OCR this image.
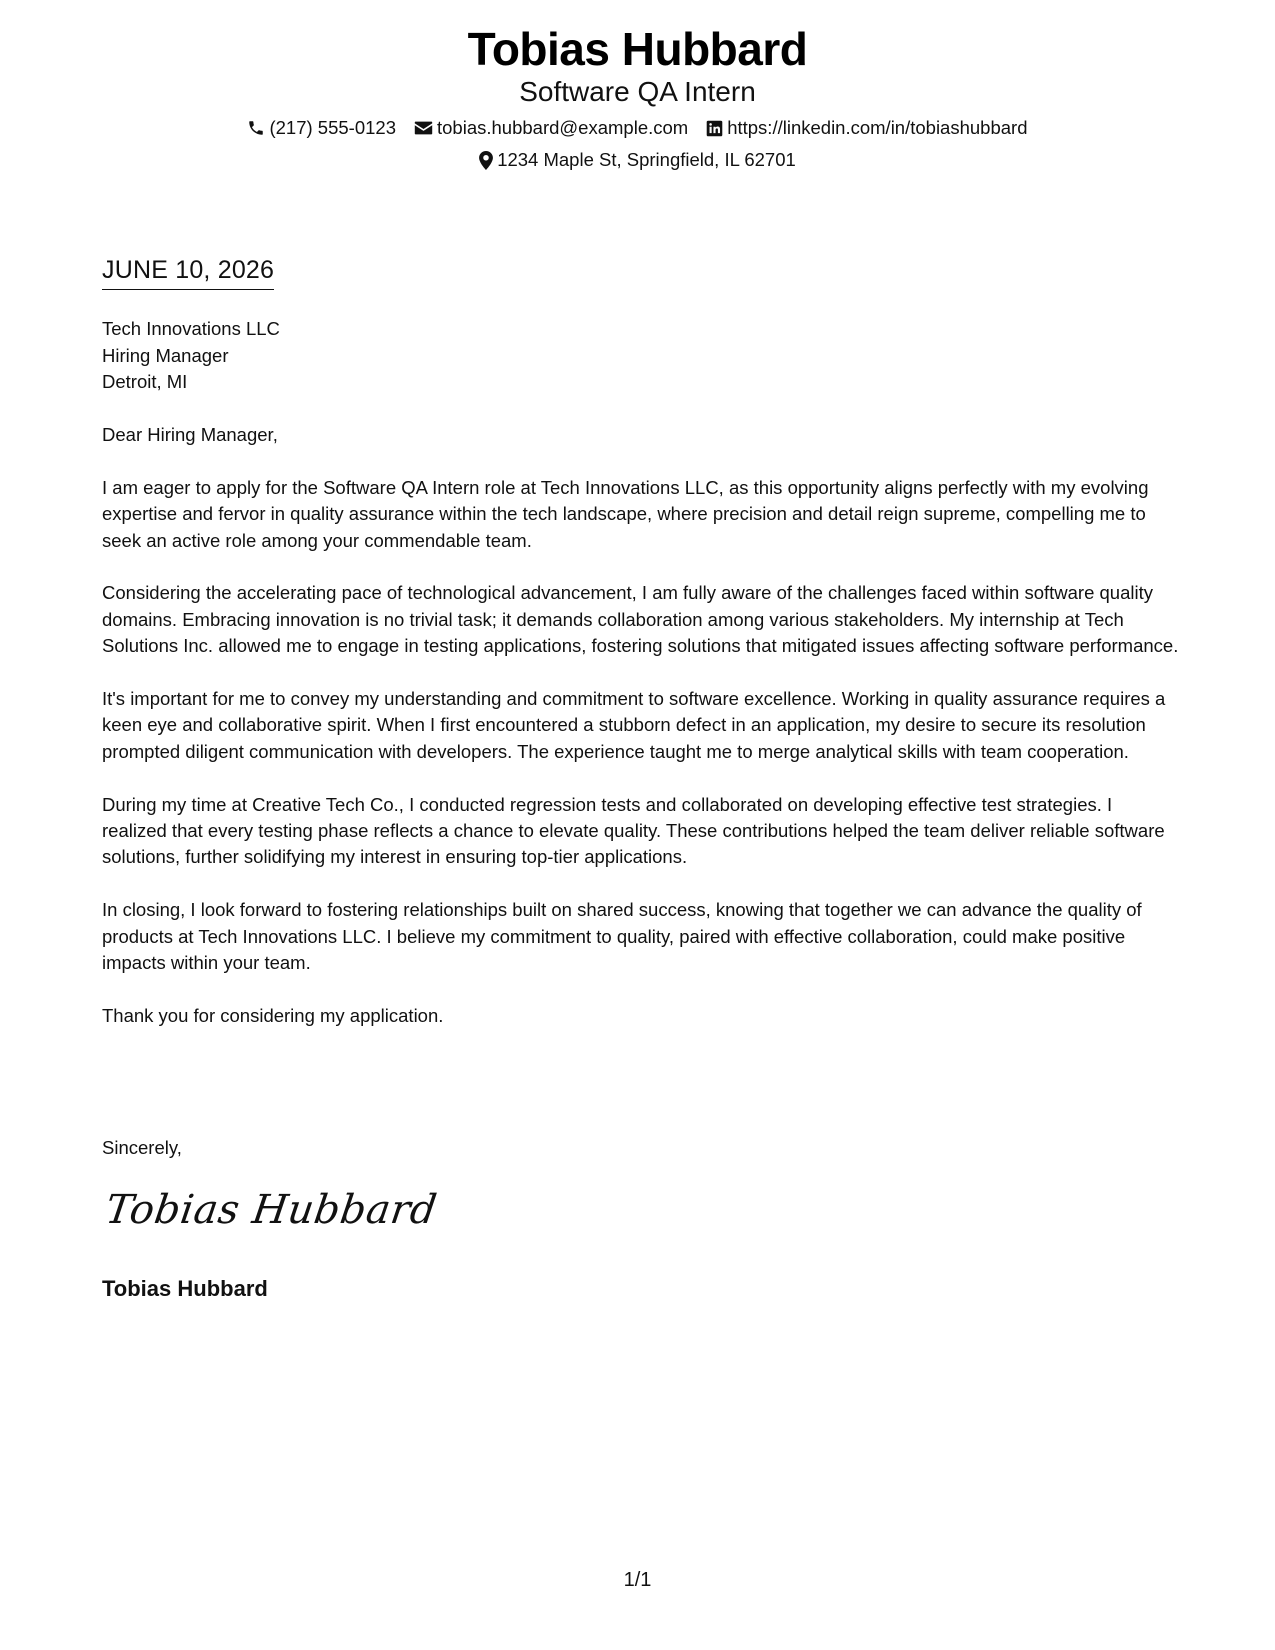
Tobias Hubbard
Software QA Intern
(217) 555-0123 tobias.hubbard@example.com https://linkedin.com/in/tobiashubbard
1234 Maple St, Springfield, IL 62701
JUNE 10, 2026
Tech Innovations LLC
Hiring Manager
Detroit, MI

Dear Hiring Manager,

I am eager to apply for the Software QA Intern role at Tech Innovations LLC, as this opportunity aligns perfectly with my evolving expertise and fervor in quality assurance within the tech landscape, where precision and detail reign supreme, compelling me to seek an active role among your commendable team.

Considering the accelerating pace of technological advancement, I am fully aware of the challenges faced within software quality domains. Embracing innovation is no trivial task; it demands collaboration among various stakeholders. My internship at Tech Solutions Inc. allowed me to engage in testing applications, fostering solutions that mitigated issues affecting software performance.

It's important for me to convey my understanding and commitment to software excellence. Working in quality assurance requires a keen eye and collaborative spirit. When I first encountered a stubborn defect in an application, my desire to secure its resolution prompted diligent communication with developers. The experience taught me to merge analytical skills with team cooperation.

During my time at Creative Tech Co., I conducted regression tests and collaborated on developing effective test strategies. I realized that every testing phase reflects a chance to elevate quality. These contributions helped the team deliver reliable software solutions, further solidifying my interest in ensuring top-tier applications.

In closing, I look forward to fostering relationships built on shared success, knowing that together we can advance the quality of products at Tech Innovations LLC. I believe my commitment to quality, paired with effective collaboration, could make positive impacts within your team.

Thank you for considering my application.

Sincerely,
Tobias Hubbard
Tobias Hubbard
1/1
